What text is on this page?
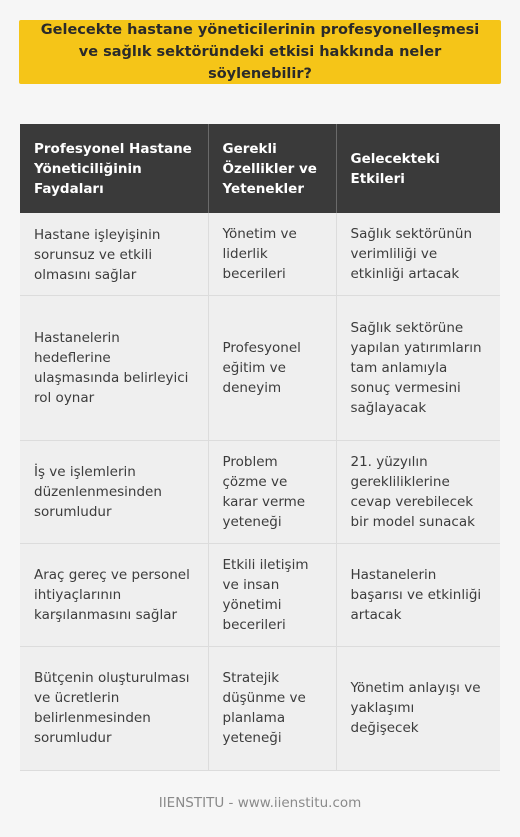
Gelecekte hastane yöneticilerinin profesyonelleşmesi ve sağlık sektöründeki etkisi hakkında neler söylenebilir?
Profesyonel Hastane Yöneticiliğinin Faydaları	Gerekli Özellikler ve Yetenekler	Gelecekteki Etkileri
Hastane işleyişinin sorunsuz ve etkili olmasını sağlar	Yönetim ve liderlik becerileri	Sağlık sektörünün verimliliği ve etkinliği artacak
Hastanelerin hedeflerine ulaşmasında belirleyici rol oynar	Profesyonel eğitim ve deneyim	Sağlık sektörüne yapılan yatırımların tam anlamıyla sonuç vermesini sağlayacak
İş ve işlemlerin düzenlenmesinden sorumludur	Problem çözme ve karar verme yeteneği	21. yüzyılın gerekliliklerine cevap verebilecek bir model sunacak
Araç gereç ve personel ihtiyaçlarının karşılanmasını sağlar	Etkili iletişim ve insan yönetimi becerileri	Hastanelerin başarısı ve etkinliği artacak
Bütçenin oluşturulması ve ücretlerin belirlenmesinden sorumludur	Stratejik düşünme ve planlama yeteneği	Yönetim anlayışı ve yaklaşımı değişecek
IIENSTITU - www.iienstitu.com
